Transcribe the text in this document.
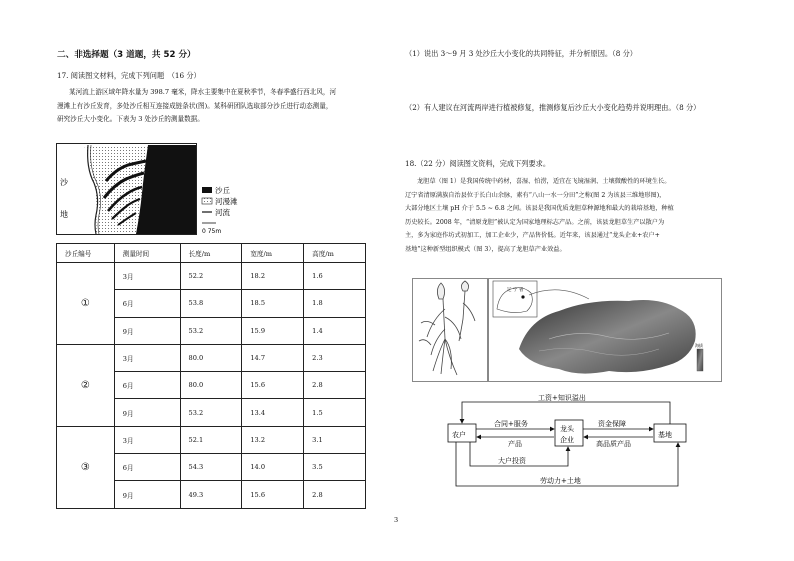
二、非选择题（3 道题，共 52 分）
17. 阅读图文材料，完成下列问题　（16 分）
某河流上游区域年降水量为 398.7 毫米，降水主要集中在夏秋季节，冬春季盛行西北风，河
漫滩上有沙丘发育，多处沙丘相互连接成链条状(图)。某科研团队选取部分沙丘进行动态测量，
研究沙丘大小变化。下表为 3 处沙丘的测量数据。
沙
地
沙丘
河漫滩
河流
0 75m
沙丘编号	测量时间	长度/m	宽度/m	高度/m
①	3月	52.2	18.2	1.6
	6月	53.8	18.5	1.8
	9月	53.2	15.9	1.4
②	3月	80.0	14.7	2.3
	6月	80.0	15.6	2.8
	9月	53.2	13.4	1.5
③	3月	52.1	13.2	3.1
	6月	54.3	14.0	3.5
	9月	49.3	15.6	2.8
（1）说出 3～9 月 3 处沙丘大小变化的共同特征，并分析原因。（8 分）
（2）有人建议在河流两岸进行植被修复，推测修复后沙丘大小变化趋势并说明理由。（8 分）
18.（22 分）阅读图文资料，完成下列要求。
龙胆草（图 1）是我国传统中药材，喜湿、怕涝，适宜在飞镜湿润、土壤微酸性的环境生长。
辽宁省清原满族自治县位于长白山余脉，素有“八山一水一分田”之称(图 2 为该县三维地形图)，
大部分地区土壤 pH 介于 5.5 ~ 6.8 之间。该县是我国优质龙胆草种源地和最大的栽培基地，种植
历史较长。2008 年，“清原龙胆”被认定为国家地理标志产品。之前，该县龙胆草生产以散户为
主，多为家庭作坊式初加工，加工企业少，产品售价低。近年来，该县通过“龙头企业+农户+
基地”这种新型组织模式（图 3），提高了龙胆草产业效益。
辽 宁 省
海拔
农户
龙头
企业
基地
工资+知识溢出
合同+服务
产品
资金保障
高品质产品
大户投资
劳动力+土地
3
